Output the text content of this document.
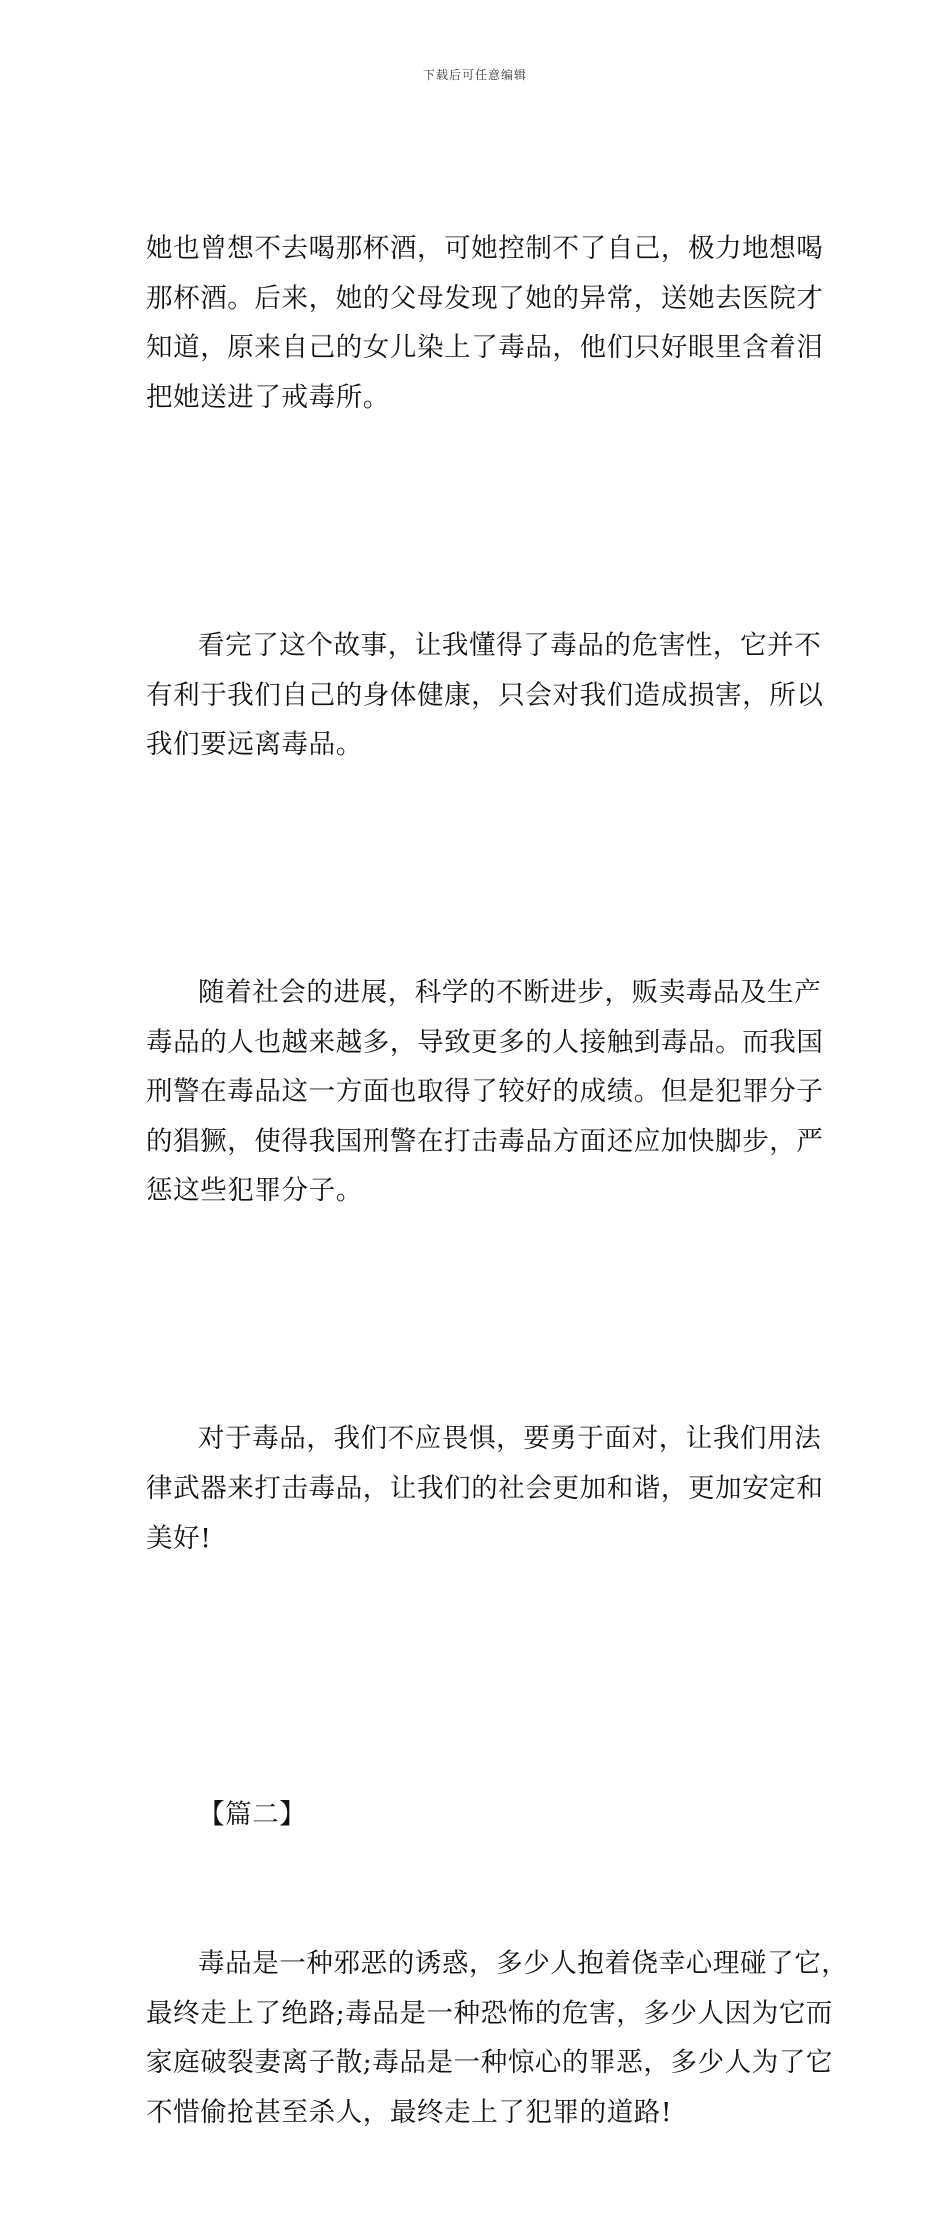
下载后可任意编辑

她也曾想不去喝那杯酒，可她控制不了自己，极力地想喝
那杯酒。后来，她的父母发现了她的异常，送她去医院才
知道，原来自己的女儿染上了毒品，他们只好眼里含着泪
把她送进了戒毒所。

看完了这个故事，让我懂得了毒品的危害性，它并不
有利于我们自己的身体健康，只会对我们造成损害，所以
我们要远离毒品。

随着社会的进展，科学的不断进步，贩卖毒品及生产
毒品的人也越来越多，导致更多的人接触到毒品。而我国
刑警在毒品这一方面也取得了较好的成绩。但是犯罪分子
的猖獗，使得我国刑警在打击毒品方面还应加快脚步，严
惩这些犯罪分子。

对于毒品，我们不应畏惧，要勇于面对，让我们用法
律武器来打击毒品，让我们的社会更加和谐，更加安定和
美好!

【篇二】

毒品是一种邪恶的诱惑，多少人抱着侥幸心理碰了它，
最终走上了绝路;毒品是一种恐怖的危害，多少人因为它而
家庭破裂妻离子散;毒品是一种惊心的罪恶，多少人为了它
不惜偷抢甚至杀人，最终走上了犯罪的道路!
